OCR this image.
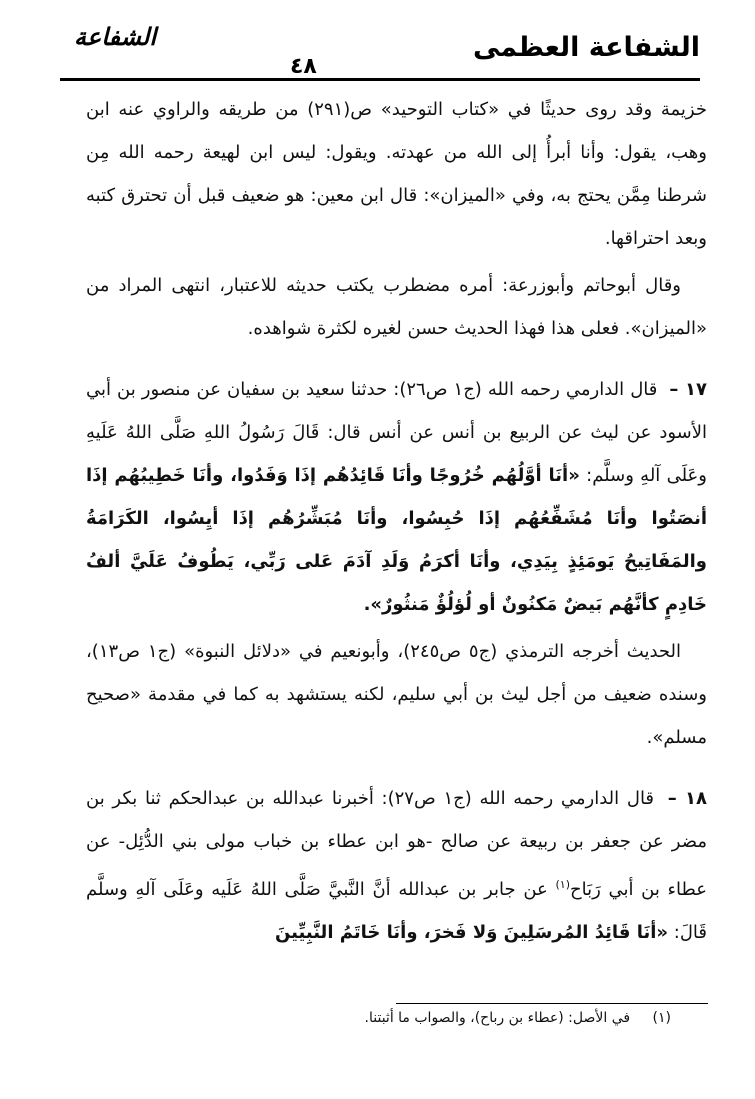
الشفاعة العظمى
الشفاعة
٤٨

خزيمة وقد روى حديثًا في «كتاب التوحيد» ص(٢٩١) من طريقه والراوي عنه ابن وهب، يقول: وأنا أبرأُ إلى الله من عهدته. ويقول: ليس ابن لهيعة رحمه الله مِن شرطنا مِمَّن يحتج به، وفي «الميزان»: قال ابن معين: هو ضعيف قبل أن تحترق كتبه وبعد احتراقها.

وقال أبوحاتم وأبوزرعة: أمره مضطرب يكتب حديثه للاعتبار، انتهى المراد من «الميزان». فعلى هذا فهذا الحديث حسن لغيره لكثرة شواهده.

١٧ – قال الدارمي رحمه الله (ج١ ص٢٦): حدثنا سعيد بن سفيان عن منصور بن أبي الأسود عن ليث عن الربيع بن أنس عن أنس قال: قَالَ رَسُولُ اللهِ صَلَّى اللهُ عَلَيهِ وعَلَى آلهِ وسلَّم: «أنَا أوَّلُهُم خُرُوجًا وأنَا قَائِدُهُم إذَا وَفَدُوا، وأنَا خَطِيبُهُم إذَا أنصَتُوا وأنَا مُشَفِّعُهُم إذَا حُبِسُوا، وأنَا مُبَشِّرُهُم إذَا أيِسُوا، الكَرَامَةُ والمَفَاتِيحُ يَومَئِذٍ بِيَدِي، وأنَا أكرَمُ وَلَدِ آدَمَ عَلى رَبِّي، يَطُوفُ عَلَيَّ ألفُ خَادِمٍ كأنَّهُم بَيضٌ مَكنُونٌ أو لُؤلُؤٌ مَنثُورٌ».

الحديث أخرجه الترمذي (ج٥ ص٢٤٥)، وأبونعيم في «دلائل النبوة» (ج١ ص١٣)، وسنده ضعيف من أجل ليث بن أبي سليم، لكنه يستشهد به كما في مقدمة «صحيح مسلم».

١٨ – قال الدارمي رحمه الله (ج١ ص٢٧): أخبرنا عبدالله بن عبدالحكم ثنا بكر بن مضر عن جعفر بن ربيعة عن صالح -هو ابن عطاء بن خباب مولى بني الدُّئِل- عن عطاء بن أبي رَبَاح$^{(١)}$ عن جابر بن عبدالله أنَّ النَّبيَّ صَلَّى اللهُ عَلَيه وعَلَى آلهِ وسلَّم قَالَ: «أنَا قَائِدُ المُرسَلِينَ وَلا فَخرَ، وأنَا خَاتَمُ النَّبِيِّينَ

(١) في الأصل: (عطاء بن رباح)، والصواب ما أثبتنا.
